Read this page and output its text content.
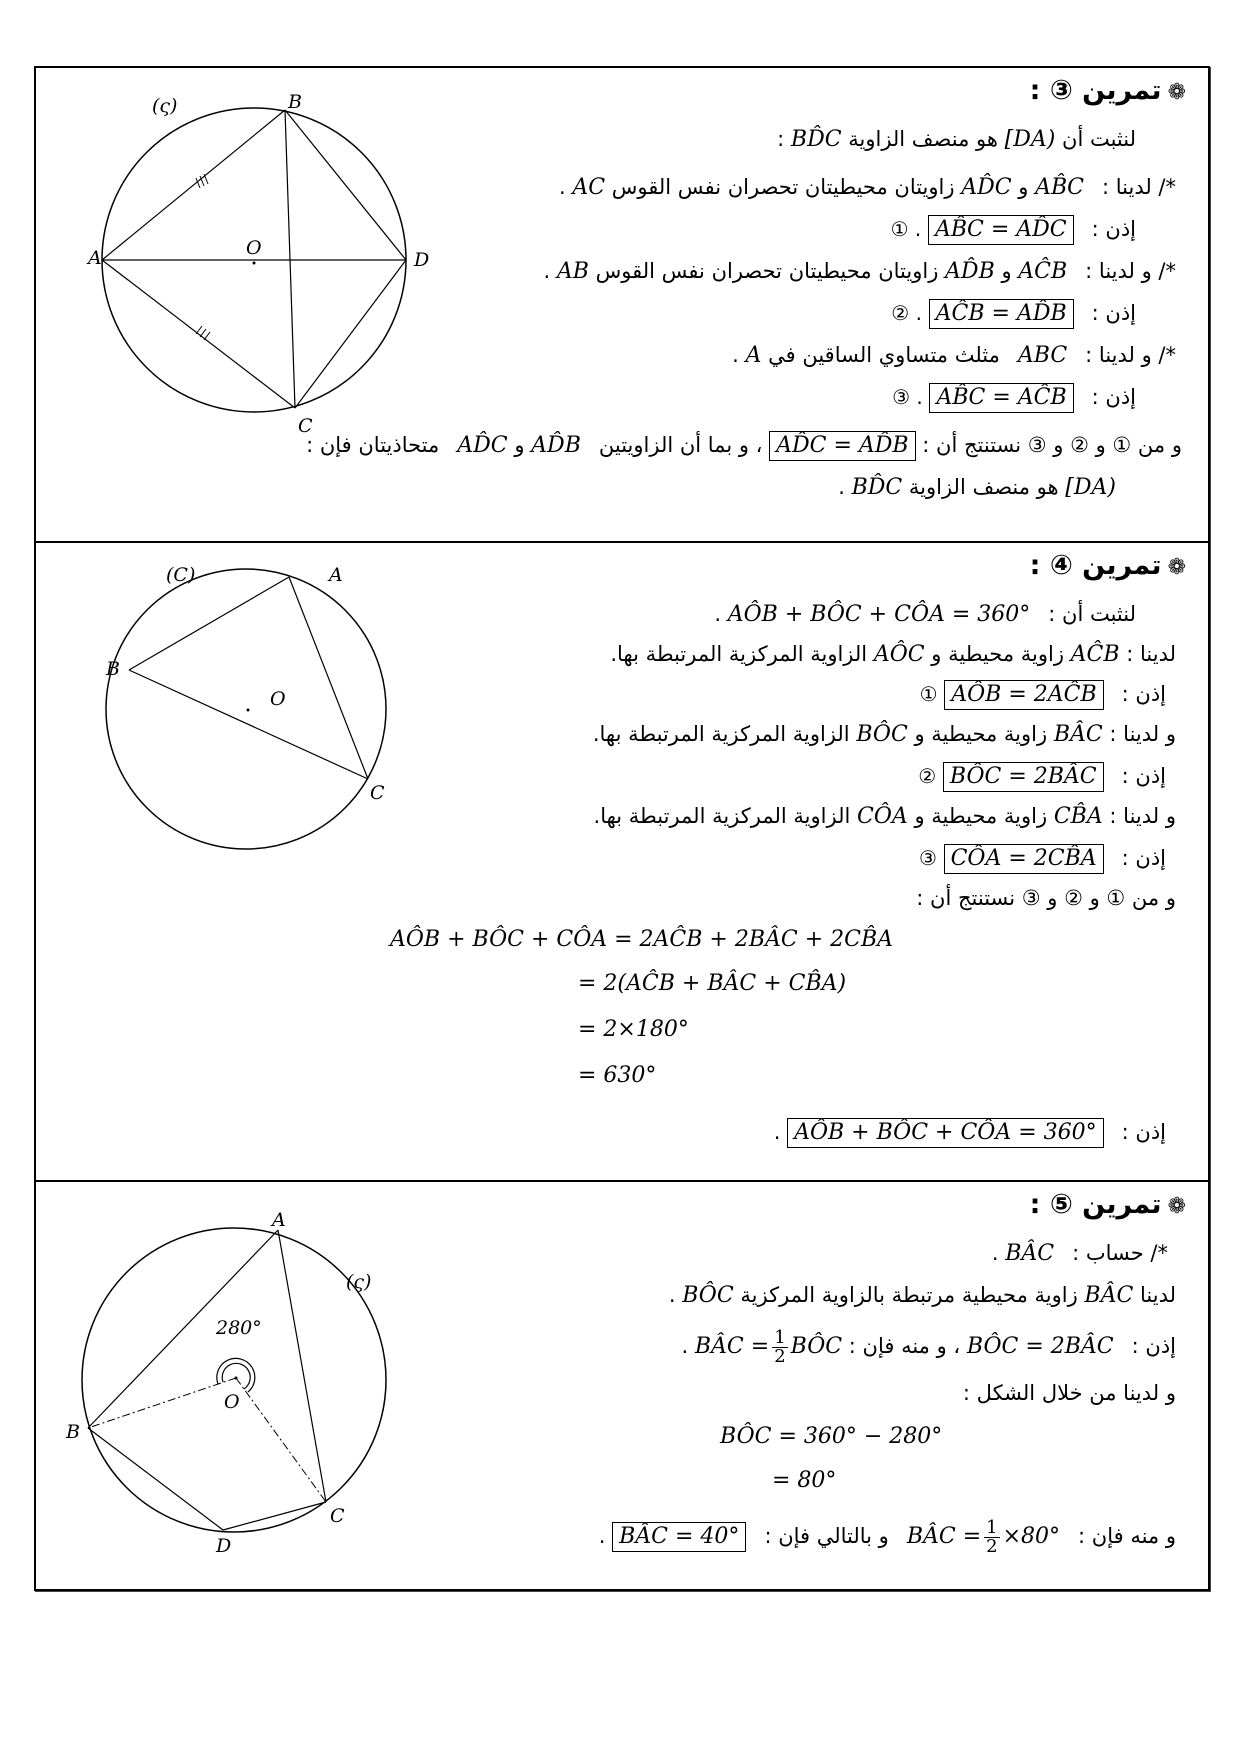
(ς)
A
B
C
D
O
❁تمرين ③ :
لنثبت أن [DA) هو منصف الزاوية BD̂C :
*/ لدينا :AB̂C و AD̂C زاويتان محيطيتان تحصران نفس القوس AC .
إذن :AB̂C = AD̂C . ①
*/ و لدينا :AĈB و AD̂B زاويتان محيطيتان تحصران نفس القوس AB .
إذن :AĈB = AD̂B . ②
*/ و لدينا :ABCمثلث متساوي الساقين في A .
إذن :AB̂C = AĈB . ③
و من ① و ② و ③ نستنتج أن : AD̂C = AD̂B ، و بما أن الزاويتينAD̂B و AD̂Cمتحاذيتان فإن :
[DA) هو منصف الزاوية BD̂C .
(C)	A
B
C
O
❁تمرين ④ :
لنثبت أن :AÔB + BÔC + CÔA = 360° .
لدينا : AĈB زاوية محيطية و AÔC الزاوية المركزية المرتبطة بها.
إذن :AÔB = 2AĈB ①
و لدينا : BÂC زاوية محيطية و BÔC الزاوية المركزية المرتبطة بها.
إذن :BÔC = 2BÂC ②
و لدينا : CB̂A زاوية محيطية و CÔA الزاوية المركزية المرتبطة بها.
إذن :CÔA = 2CB̂A ③
و من ① و ② و ③ نستنتج أن :
AÔB + BÔC + CÔA = 2AĈB + 2BÂC + 2CB̂A
= 2(AĈB + BÂC + CB̂A)
= 2×180°
= 630°
إذن :AÔB + BÔC + CÔA = 360° .
(ς)
A
B
C
D
O
280°
❁تمرين ⑤ :
*/ حساب :BÂC .
لدينا BÂC زاوية محيطية مرتبطة بالزاوية المركزية BÔC .
إذن :BÔC = 2BÂC ، و منه فإن : BÂC = $\frac{1}{2}$ BÔC .
و لدينا من خلال الشكل :
BÔC = 360° − 280°
= 80°
و منه فإن :BÂC = $\frac{1}{2}$ ×80°و بالتالي فإن :BÂC = 40° .
